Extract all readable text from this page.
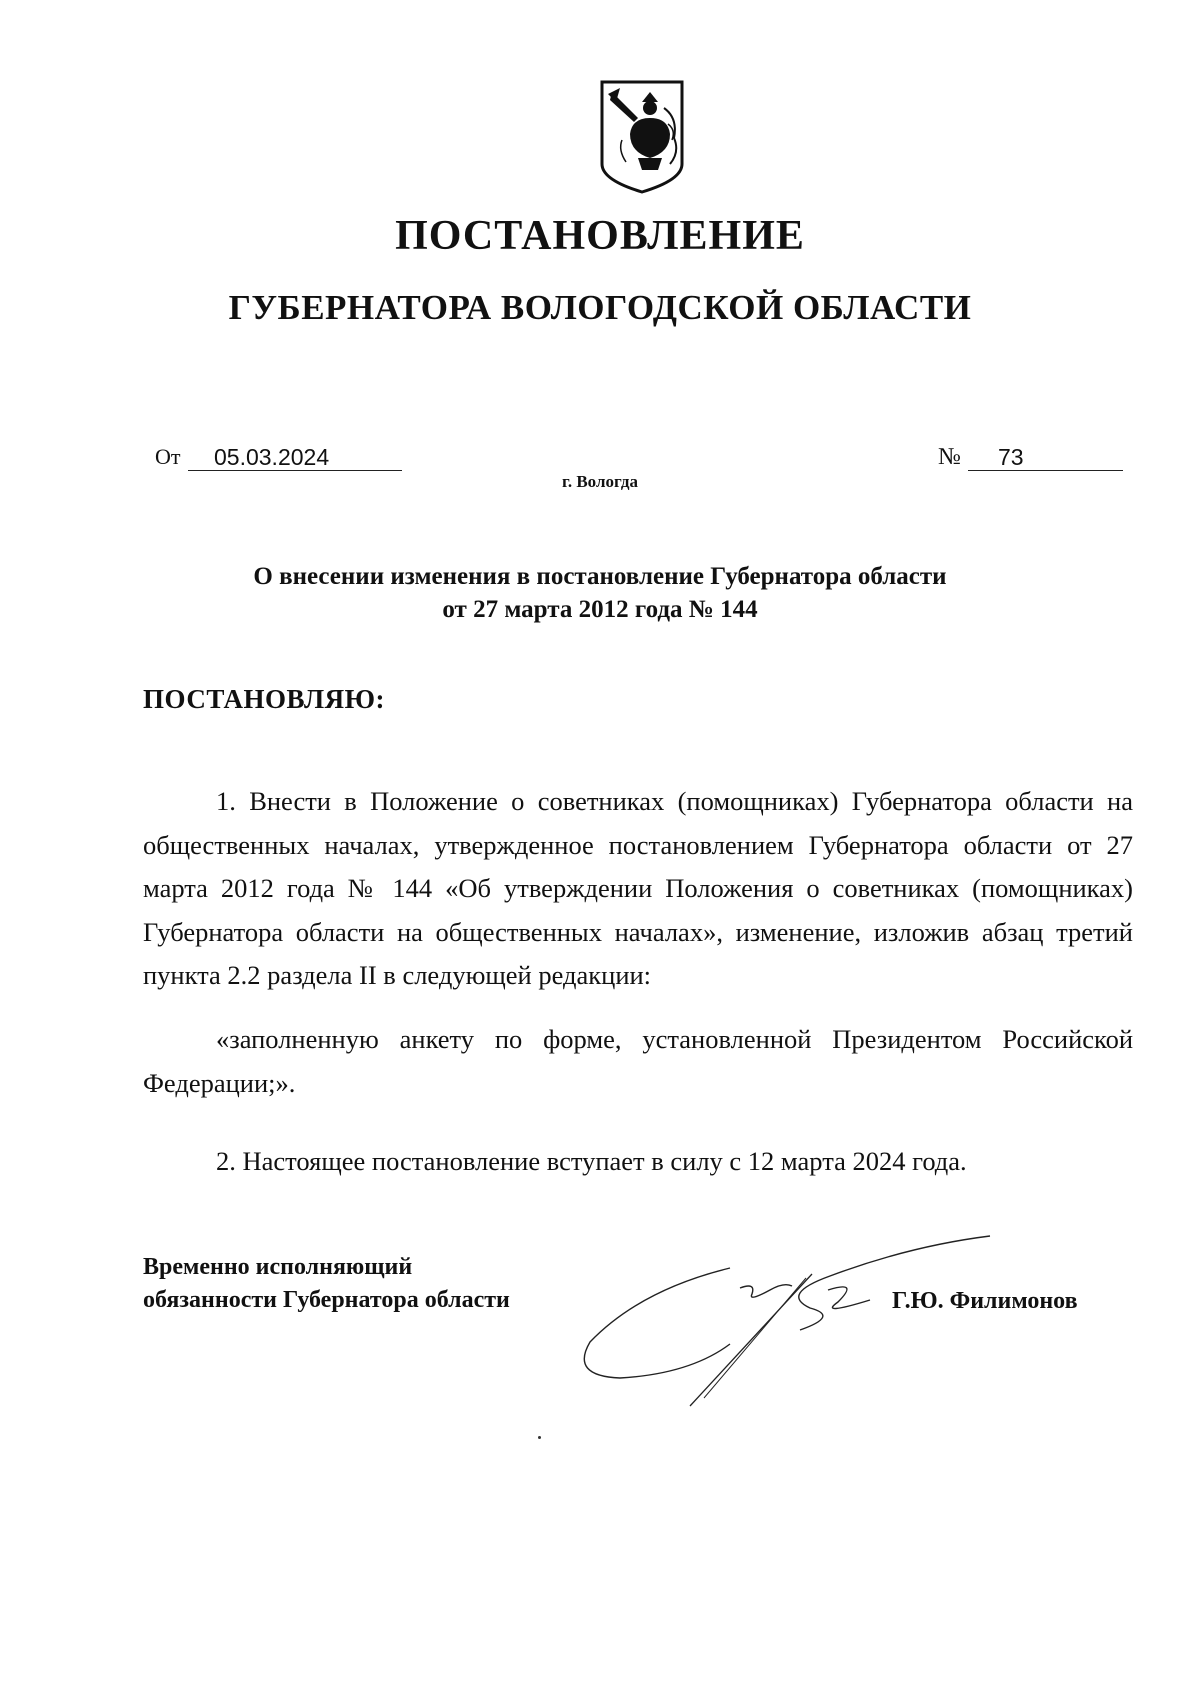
ПОСТАНОВЛЕНИЕ
ГУБЕРНАТОРА ВОЛОГОДСКОЙ ОБЛАСТИ
От	05.03.2024	№	73
г. Вологда
О внесении изменения в постановление Губернатора области
от 27 марта 2012 года № 144
ПОСТАНОВЛЯЮ:

1. Внести в Положение о советниках (помощниках) Губернатора области на общественных началах, утвержденное постановлением Губернатора области от 27 марта 2012 года № 144 «Об утверждении Положения о советниках (помощниках) Губернатора области на общественных началах», изменение, изложив абзац третий пункта 2.2 раздела II в следующей редакции:

«заполненную анкету по форме, установленной Президентом Российской Федерации;».

2. Настоящее постановление вступает в силу с 12 марта 2024 года.

Временно исполняющий
обязанности Губернатора области	Г.Ю. Филимонов
